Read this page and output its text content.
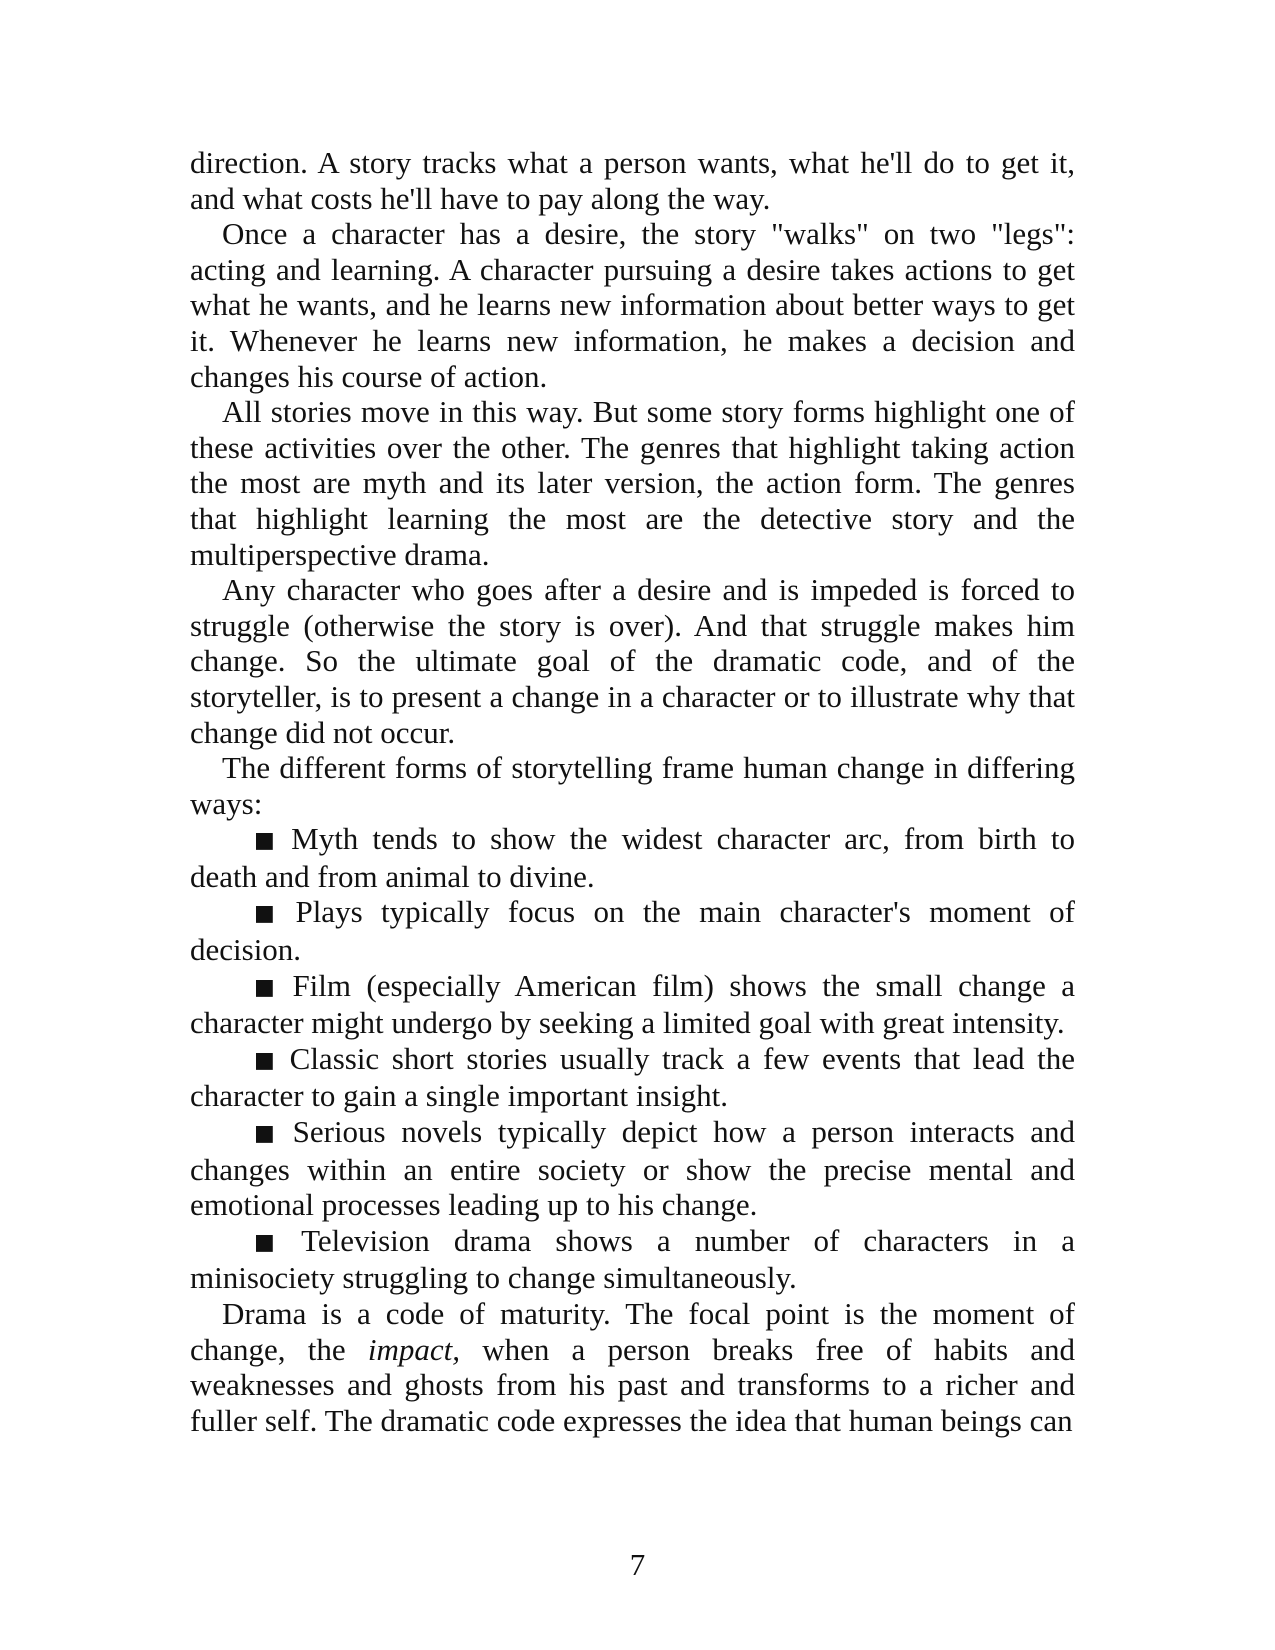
direction. A story tracks what a person wants, what he'll do to get it, and what costs he'll have to pay along the way.

Once a character has a desire, the story "walks" on two "legs": acting and learning. A character pursuing a desire takes actions to get what he wants, and he learns new information about better ways to get it. Whenever he learns new information, he makes a decision and changes his course of action.

All stories move in this way. But some story forms highlight one of these activities over the other. The genres that highlight taking action the most are myth and its later version, the action form. The genres that highlight learning the most are the detective story and the multiperspective drama.

Any character who goes after a desire and is impeded is forced to struggle (otherwise the story is over). And that struggle makes him change. So the ultimate goal of the dramatic code, and of the storyteller, is to present a change in a character or to illustrate why that change did not occur.

The different forms of storytelling frame human change in differing ways:

■ Myth tends to show the widest character arc, from birth to death and from animal to divine.

■ Plays typically focus on the main character's moment of decision.

■ Film (especially American film) shows the small change a character might undergo by seeking a limited goal with great intensity.

■ Classic short stories usually track a few events that lead the character to gain a single important insight.

■ Serious novels typically depict how a person interacts and changes within an entire society or show the precise mental and emotional processes leading up to his change.

■ Television drama shows a number of characters in a minisociety struggling to change simultaneously.

Drama is a code of maturity. The focal point is the moment of change, the impact, when a person breaks free of habits and weaknesses and ghosts from his past and transforms to a richer and fuller self. The dramatic code expresses the idea that human beings can

7
